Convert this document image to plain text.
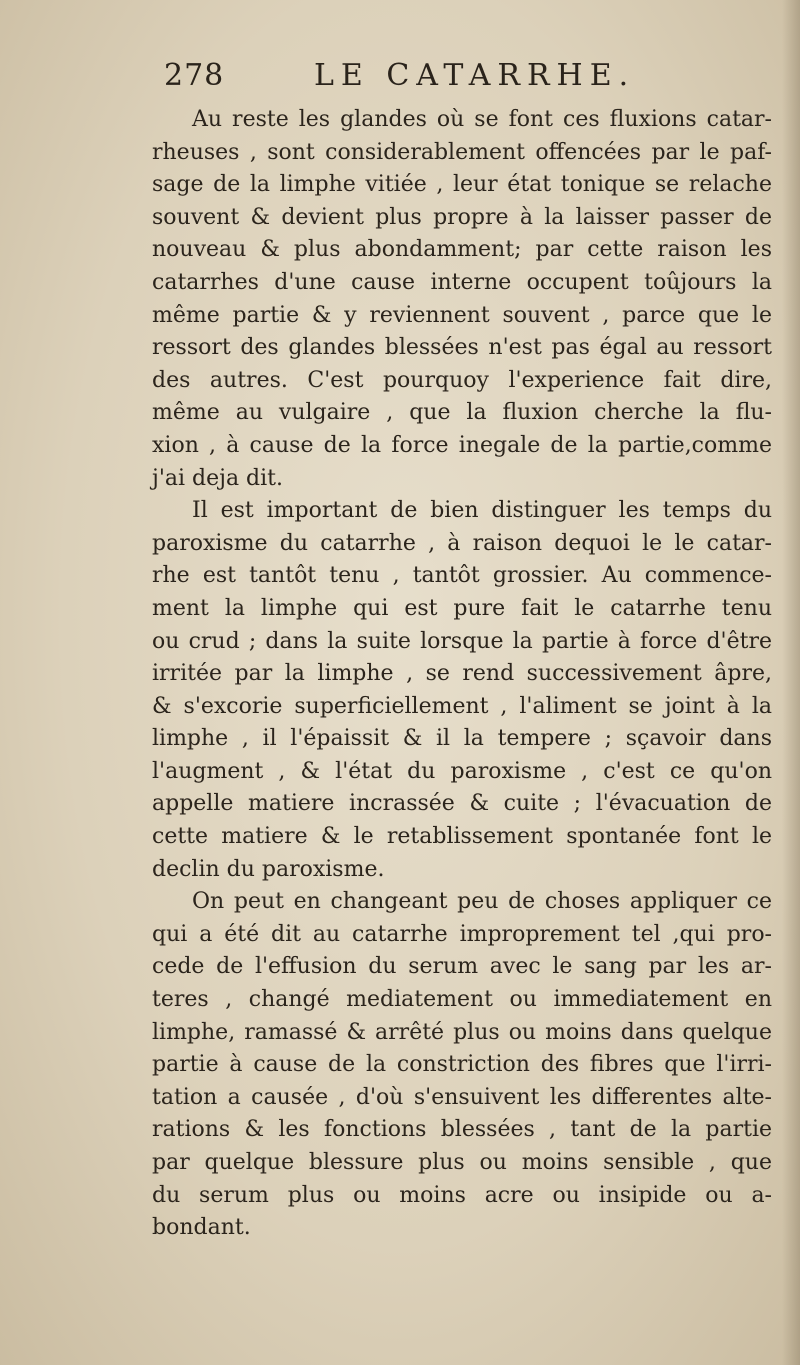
278	LE CATARRHE.
Au reste les glandes où se font ces fluxions catar-
rheuses , sont considerablement offencées par le paf-
sage de la limphe vitiée , leur état tonique se relache
souvent & devient plus propre à la laisser passer de
nouveau & plus abondamment; par cette raison les
catarrhes d'une cause interne occupent toûjours la
même partie & y reviennent souvent , parce que le
ressort des glandes blessées n'est pas égal au ressort
des autres. C'est pourquoy l'experience fait dire,
même au vulgaire , que la fluxion cherche la flu-
xion , à cause de la force inegale de la partie,comme
j'ai deja dit.
Il est important de bien distinguer les temps du
paroxisme du catarrhe , à raison dequoi le le catar-
rhe est tantôt tenu , tantôt grossier. Au commence-
ment la limphe qui est pure fait le catarrhe tenu
ou crud ; dans la suite lorsque la partie à force d'être
irritée par la limphe , se rend successivement âpre,
& s'excorie superficiellement , l'aliment se joint à la
limphe , il l'épaissit & il la tempere ; sçavoir dans
l'augment , & l'état du paroxisme , c'est ce qu'on
appelle matiere incrassée & cuite ; l'évacuation de
cette matiere & le retablissement spontanée font le
declin du paroxisme.
On peut en changeant peu de choses appliquer ce
qui a été dit au catarrhe improprement tel ,qui pro-
cede de l'effusion du serum avec le sang par les ar-
teres , changé mediatement ou immediatement en
limphe, ramassé & arrêté plus ou moins dans quelque
partie à cause de la constriction des fibres que l'irri-
tation a causée , d'où s'ensuivent les differentes alte-
rations & les fonctions blessées , tant de la partie
par quelque blessure plus ou moins sensible , que
du serum plus ou moins acre ou insipide ou a-
bondant.
